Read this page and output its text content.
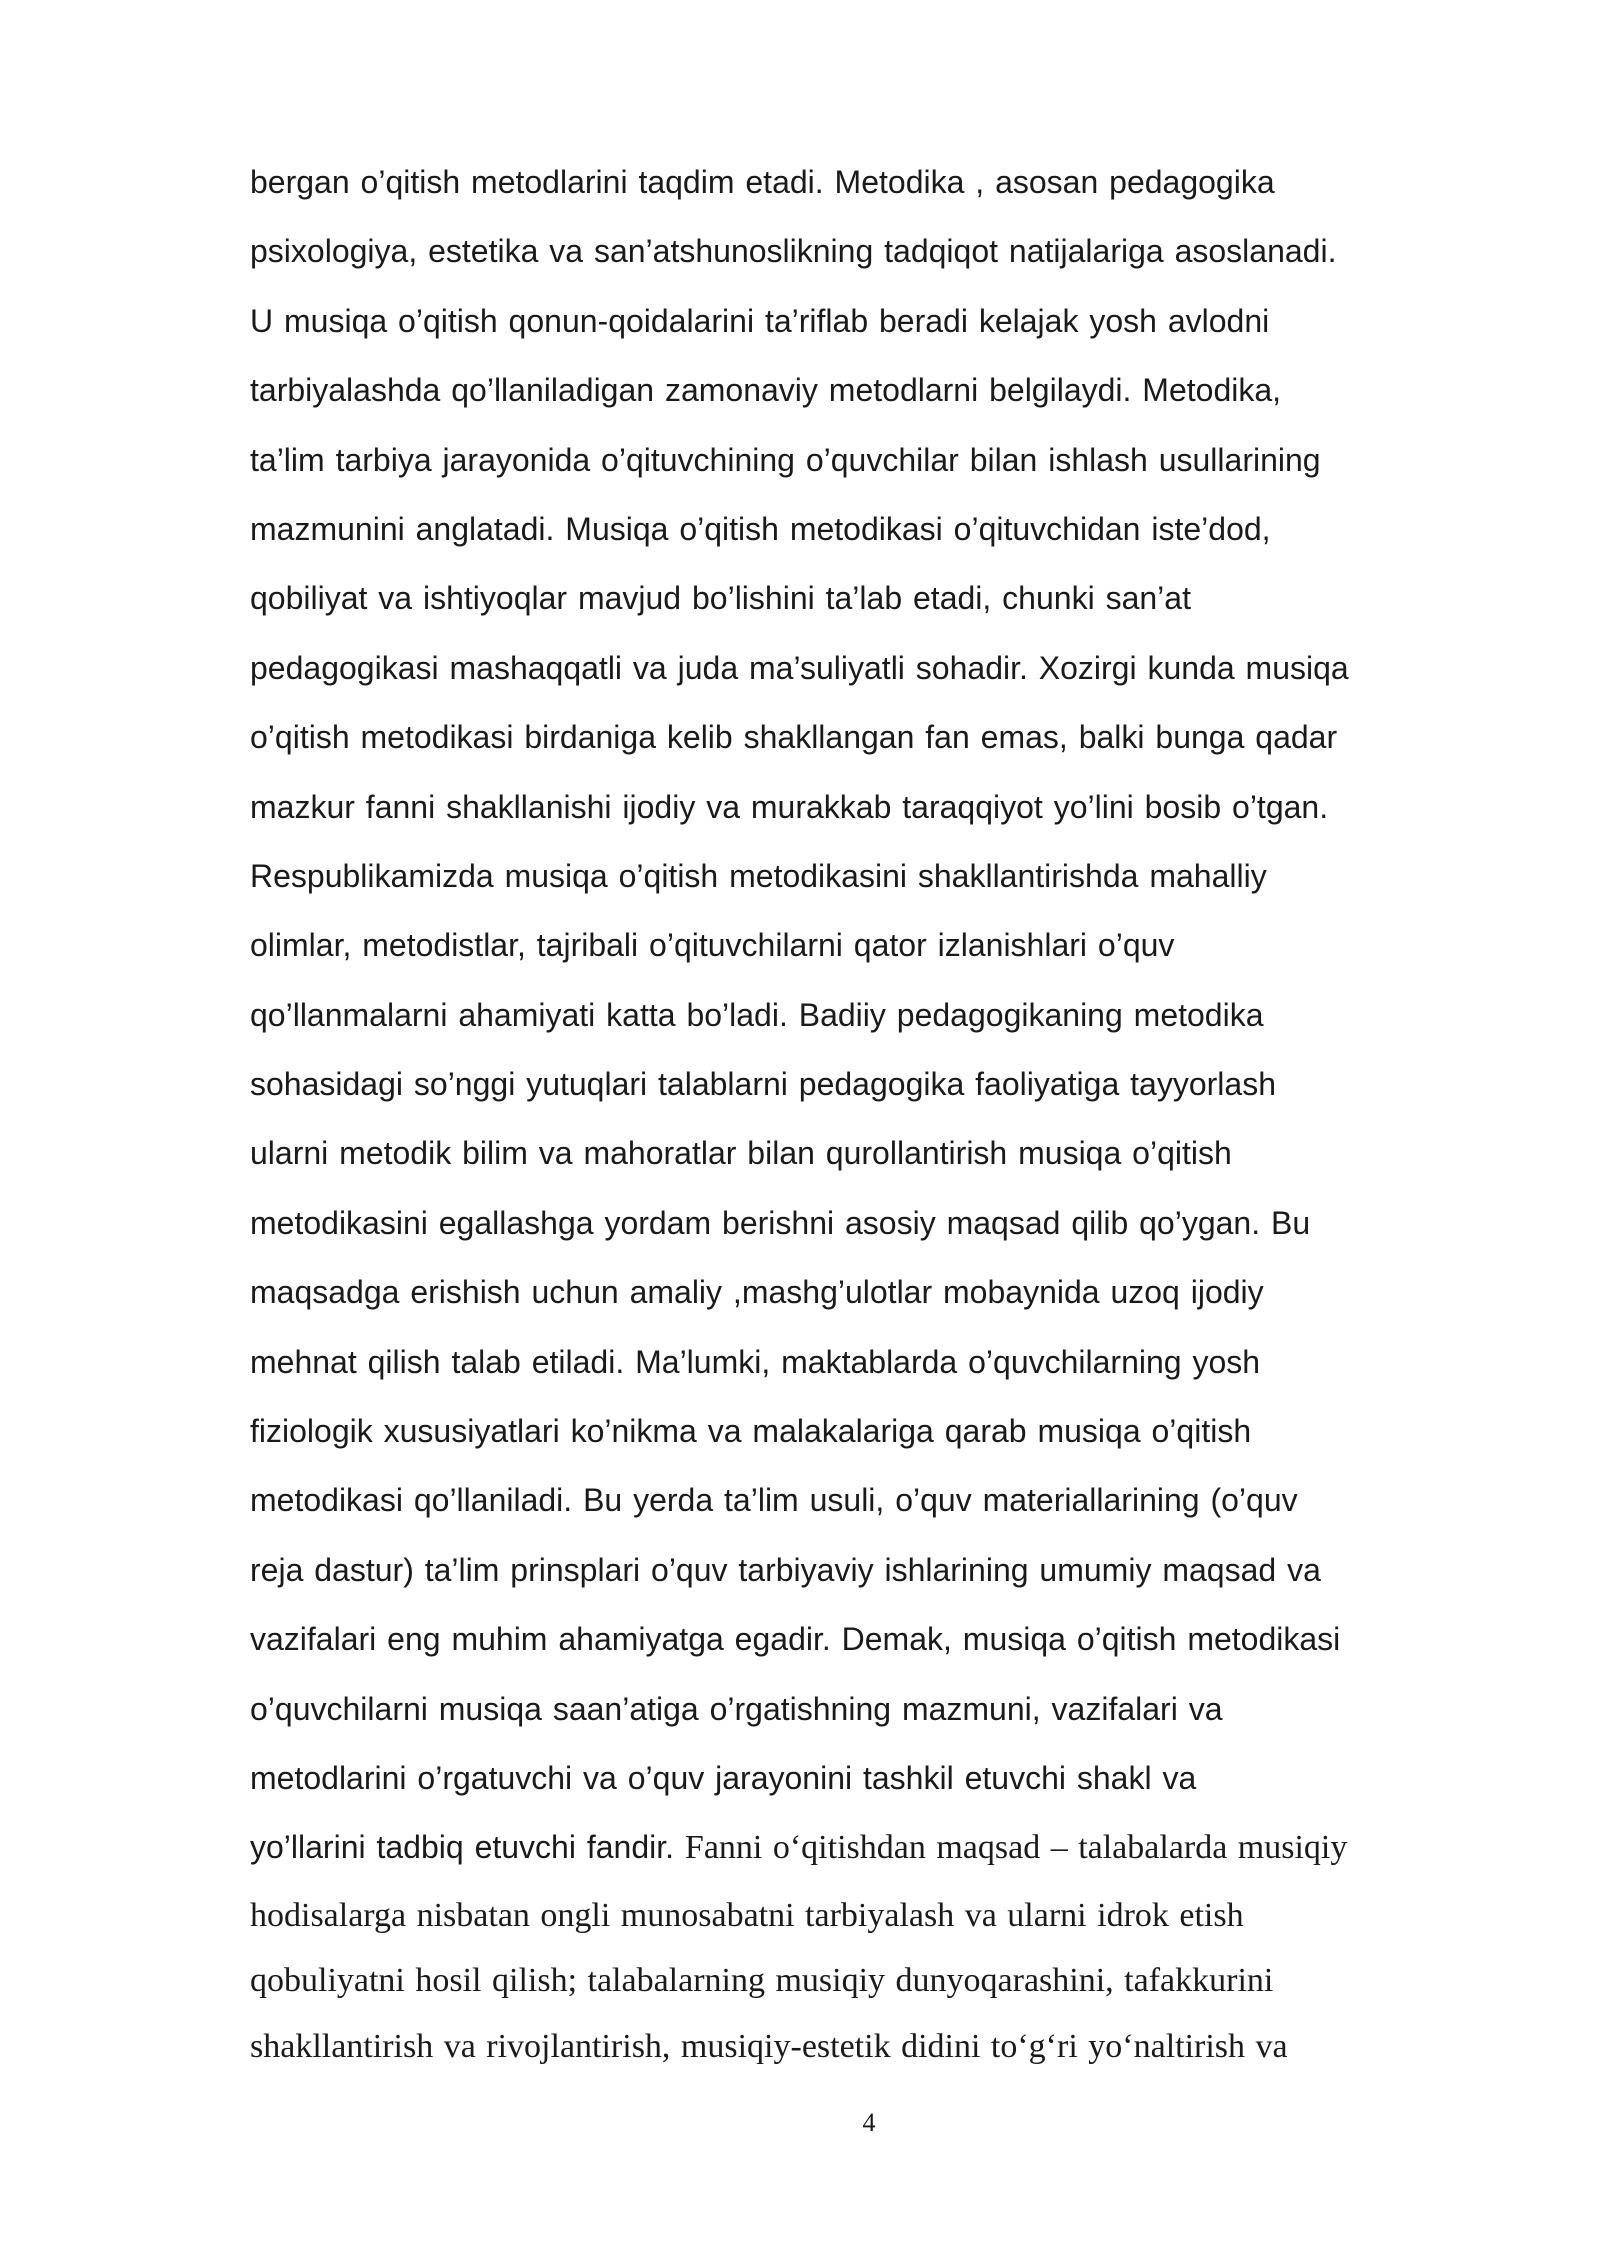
bergan o’qitish metodlarini taqdim etadi. Metodika , asosan pedagogika
psixologiya, estetika va san’atshunoslikning tadqiqot natijalariga asoslanadi.
U musiqa o’qitish qonun-qoidalarini ta’riflab beradi kelajak yosh avlodni
tarbiyalashda qo’llaniladigan zamonaviy metodlarni belgilaydi. Metodika,
ta’lim tarbiya jarayonida o’qituvchining o’quvchilar bilan ishlash usullarining
mazmunini anglatadi. Musiqa o’qitish metodikasi o’qituvchidan iste’dod,
qobiliyat va ishtiyoqlar mavjud bo’lishini ta’lab etadi, chunki san’at
pedagogikasi mashaqqatli va juda ma’suliyatli sohadir. Xozirgi kunda musiqa
o’qitish metodikasi birdaniga kelib shakllangan fan emas, balki bunga qadar
mazkur fanni shakllanishi ijodiy va murakkab taraqqiyot yo’lini bosib o’tgan.
Respublikamizda musiqa o’qitish metodikasini shakllantirishda mahalliy
olimlar, metodistlar, tajribali o’qituvchilarni qator izlanishlari o’quv
qo’llanmalarni ahamiyati katta bo’ladi. Badiiy pedagogikaning metodika
sohasidagi so’nggi yutuqlari talablarni pedagogika faoliyatiga tayyorlash
ularni metodik bilim va mahoratlar bilan qurollantirish musiqa o’qitish
metodikasini egallashga yordam berishni asosiy maqsad qilib qo’ygan. Bu
maqsadga erishish uchun amaliy ,mashg’ulotlar mobaynida uzoq ijodiy
mehnat qilish talab etiladi. Ma’lumki, maktablarda o’quvchilarning yosh
fiziologik xususiyatlari ko’nikma va malakalariga qarab musiqa o’qitish
metodikasi qo’llaniladi. Bu yerda ta’lim usuli, o’quv materiallarining (o’quv
reja dastur) ta’lim prinsplari o’quv tarbiyaviy ishlarining umumiy maqsad va
vazifalari eng muhim ahamiyatga egadir. Demak, musiqa o’qitish metodikasi
o’quvchilarni musiqa saan’atiga o’rgatishning mazmuni, vazifalari va
metodlarini o’rgatuvchi va o’quv jarayonini tashkil etuvchi shakl va
yo’llarini tadbiq etuvchi fandir. Fanni o‘qitishdan maqsad – talabalarda musiqiy
hodisalarga nisbatan ongli munosabatni tarbiyalash va ularni idrok etish
qobuliyatni hosil qilish; talabalarning musiqiy dunyoqarashini, tafakkurini
shakllantirish va rivojlantirish, musiqiy-estetik didini to‘g‘ri yo‘naltirish va
4
